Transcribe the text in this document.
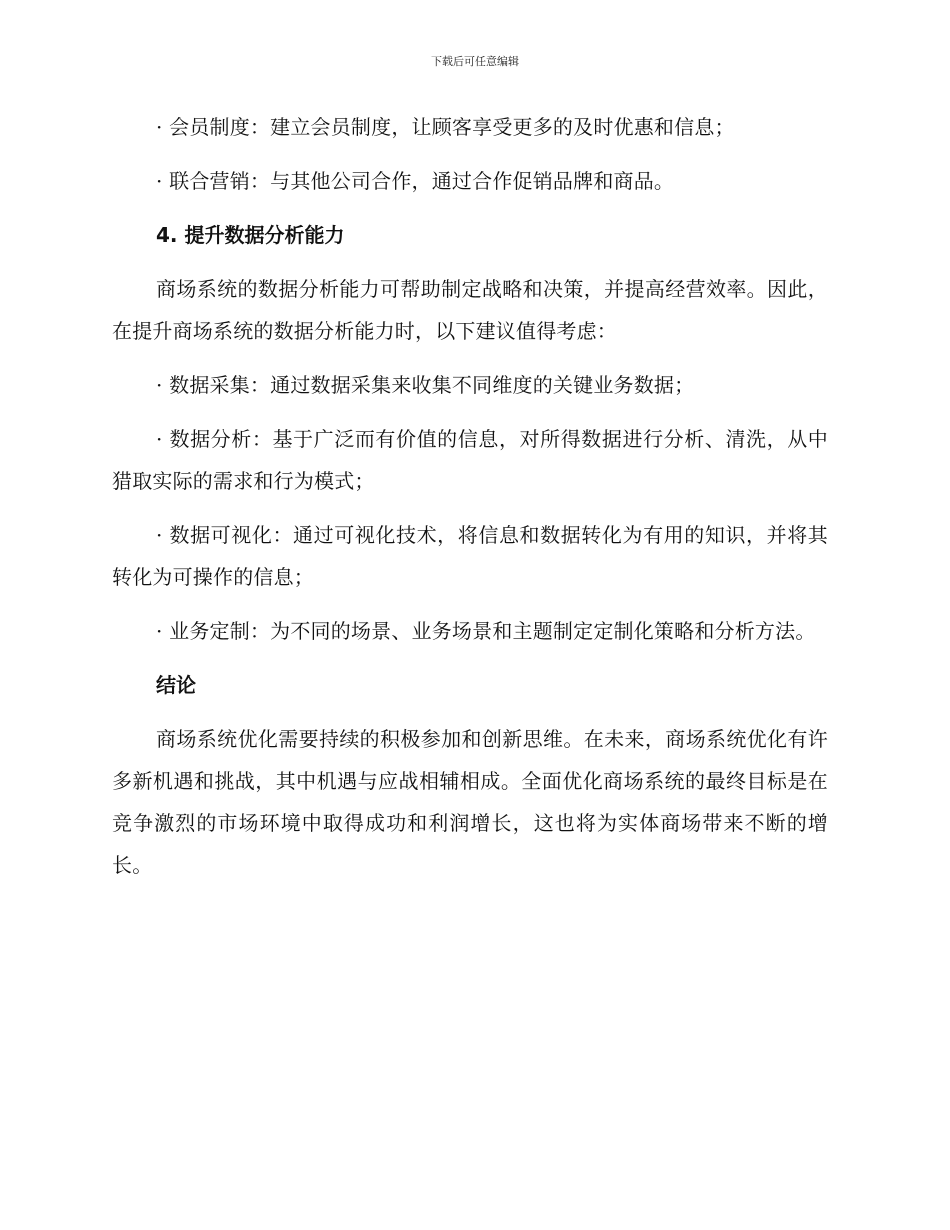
下载后可任意编辑

· 会员制度：建立会员制度，让顾客享受更多的及时优惠和信息；

· 联合营销：与其他公司合作，通过合作促销品牌和商品。

4. 提升数据分析能力

商场系统的数据分析能力可帮助制定战略和决策，并提高经营效率。因此，在提升商场系统的数据分析能力时，以下建议值得考虑：

· 数据采集：通过数据采集来收集不同维度的关键业务数据；

· 数据分析：基于广泛而有价值的信息，对所得数据进行分析、清洗，从中猎取实际的需求和行为模式；

· 数据可视化：通过可视化技术，将信息和数据转化为有用的知识，并将其转化为可操作的信息；

· 业务定制：为不同的场景、业务场景和主题制定定制化策略和分析方法。

结论

商场系统优化需要持续的积极参加和创新思维。在未来，商场系统优化有许多新机遇和挑战，其中机遇与应战相辅相成。全面优化商场系统的最终目标是在竞争激烈的市场环境中取得成功和利润增长，这也将为实体商场带来不断的增长。
